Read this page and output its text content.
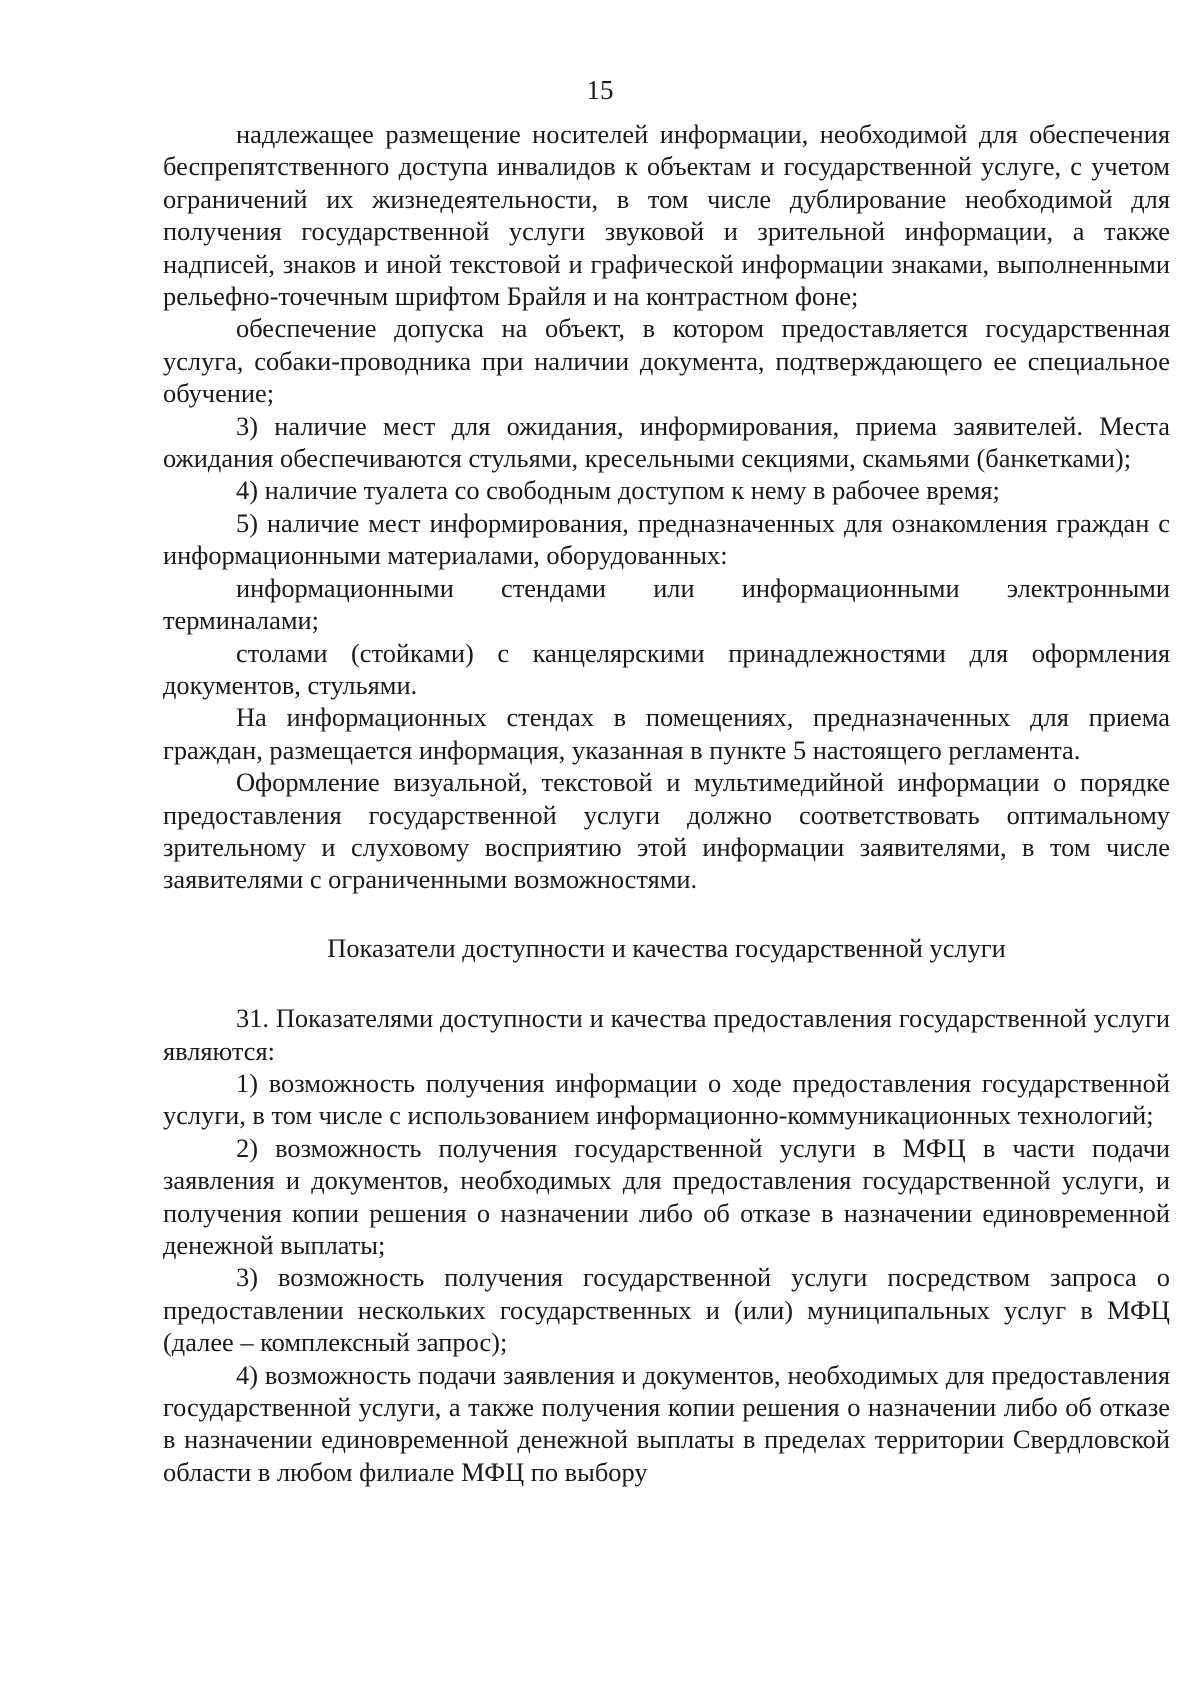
15

надлежащее размещение носителей информации, необходимой для обеспечения беспрепятственного доступа инвалидов к объектам и государственной услуге, с учетом ограничений их жизнедеятельности, в том числе дублирование необходимой для получения государственной услуги звуковой и зрительной информации, а также надписей, знаков и иной текстовой и графической информации знаками, выполненными рельефно-точечным шрифтом Брайля и на контрастном фоне;

обеспечение допуска на объект, в котором предоставляется государственная услуга, собаки-проводника при наличии документа, подтверждающего ее специальное обучение;

3) наличие мест для ожидания, информирования, приема заявителей. Места ожидания обеспечиваются стульями, кресельными секциями, скамьями (банкетками);

4) наличие туалета со свободным доступом к нему в рабочее время;

5) наличие мест информирования, предназначенных для ознакомления граждан с информационными материалами, оборудованных:

информационными стендами или информационными электронными терминалами;

столами (стойками) с канцелярскими принадлежностями для оформления документов, стульями.

На информационных стендах в помещениях, предназначенных для приема граждан, размещается информация, указанная в пункте 5 настоящего регламента.

Оформление визуальной, текстовой и мультимедийной информации о порядке предоставления государственной услуги должно соответствовать оптимальному зрительному и слуховому восприятию этой информации заявителями, в том числе заявителями с ограниченными возможностями.

Показатели доступности и качества государственной услуги

31. Показателями доступности и качества предоставления государственной услуги являются:

1) возможность получения информации о ходе предоставления государственной услуги, в том числе с использованием информационно-коммуникационных технологий;

2) возможность получения государственной услуги в МФЦ в части подачи заявления и документов, необходимых для предоставления государственной услуги, и получения копии решения о назначении либо об отказе в назначении единовременной денежной выплаты;

3) возможность получения государственной услуги посредством запроса о предоставлении нескольких государственных и (или) муниципальных услуг в МФЦ (далее – комплексный запрос);

4) возможность подачи заявления и документов, необходимых для предоставления государственной услуги, а также получения копии решения о назначении либо об отказе в назначении единовременной денежной выплаты в пределах территории Свердловской области в любом филиале МФЦ по выбору
